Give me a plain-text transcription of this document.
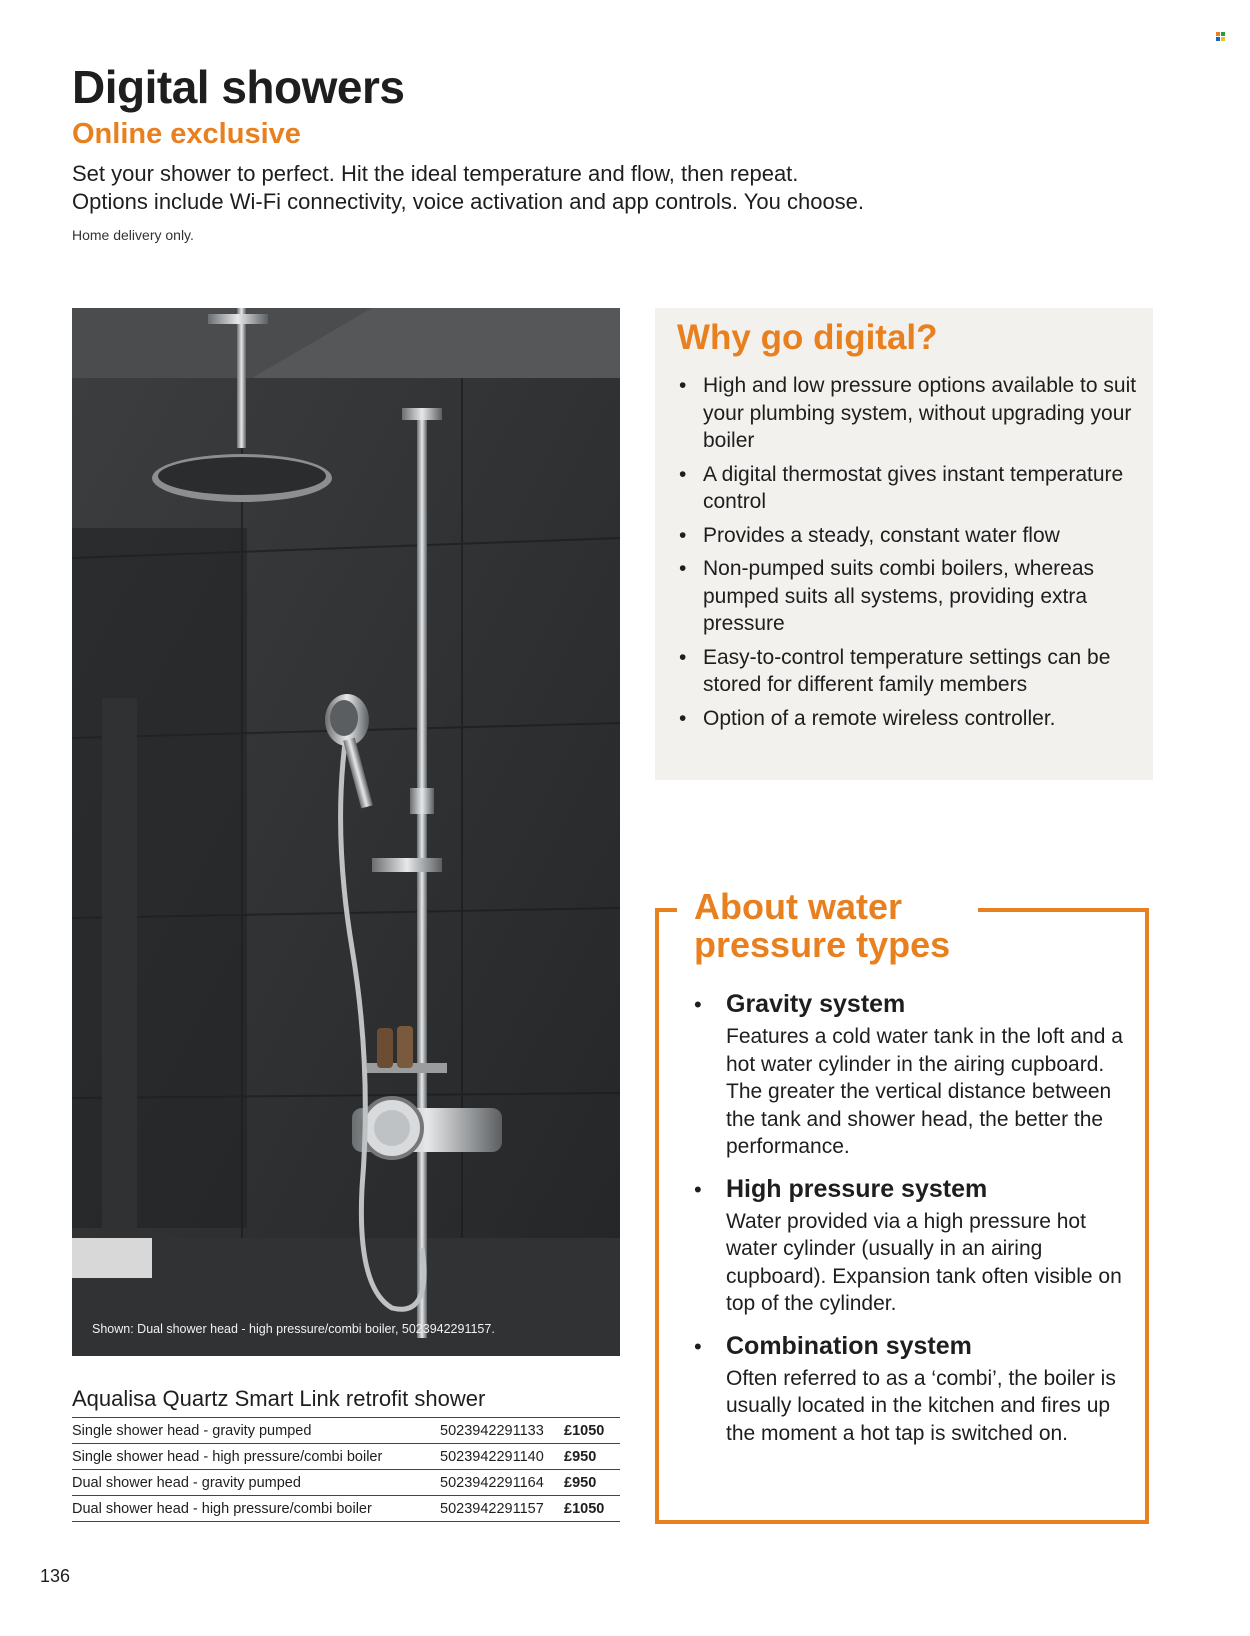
Digital showers
Online exclusive
Set your shower to perfect. Hit the ideal temperature and flow, then repeat.
Options include Wi-Fi connectivity, voice activation and app controls. You choose.
Home delivery only.
Shown: Dual shower head - high pressure/combi boiler, 5023942291157.
Why go digital?
• High and low pressure options available to suit your plumbing system, without upgrading your boiler
• A digital thermostat gives instant temperature control
• Provides a steady, constant water flow
• Non-pumped suits combi boilers, whereas pumped suits all systems, providing extra pressure
• Easy-to-control temperature settings can be stored for different family members
• Option of a remote wireless controller.
About water pressure types
• Gravity system

Features a cold water tank in the loft and a hot water cylinder in the airing cupboard. The greater the vertical distance between the tank and shower head, the better the performance.

• High pressure system

Water provided via a high pressure hot water cylinder (usually in an airing cupboard). Expansion tank often visible on top of the cylinder.

• Combination system

Often referred to as a ‘combi’, the boiler is usually located in the kitchen and fires up the moment a hot tap is switched on.

Aqualisa Quartz Smart Link retrofit shower
Single shower head - gravity pumped	5023942291133	£1050
Single shower head - high pressure/combi boiler	5023942291140	£950
Dual shower head - gravity pumped	5023942291164	£950
Dual shower head - high pressure/combi boiler	5023942291157	£1050
136
